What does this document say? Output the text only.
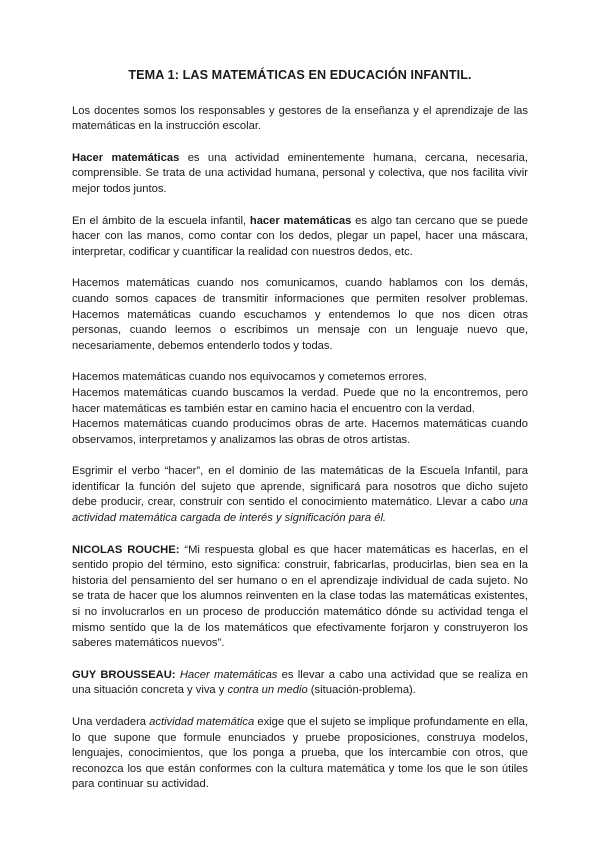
TEMA 1: LAS MATEMÁTICAS EN EDUCACIÓN INFANTIL.

Los docentes somos los responsables y gestores de la enseñanza y el aprendizaje de las matemáticas en la instrucción escolar.

Hacer matemáticas es una actividad eminentemente humana, cercana, necesaria, comprensible. Se trata de una actividad humana, personal y colectiva, que nos facilita vivir mejor todos juntos.

En el ámbito de la escuela infantil, hacer matemáticas es algo tan cercano que se puede hacer con las manos, como contar con los dedos, plegar un papel, hacer una máscara, interpretar, codificar y cuantificar la realidad con nuestros dedos, etc.

Hacemos matemáticas cuando nos comunicamos, cuando hablamos con los demás, cuando somos capaces de transmitir informaciones que permiten resolver problemas. Hacemos matemáticas cuando escuchamos y entendemos lo que nos dicen otras personas, cuando leemos o escribimos un mensaje con un lenguaje nuevo que, necesariamente, debemos entenderlo todos y todas.

Hacemos matemáticas cuando nos equivocamos y cometemos errores.

Hacemos matemáticas cuando buscamos la verdad. Puede que no la encontremos, pero hacer matemáticas es también estar en camino hacia el encuentro con la verdad.

Hacemos matemáticas cuando producimos obras de arte. Hacemos matemáticas cuando observamos, interpretamos y analizamos las obras de otros artistas.

Esgrimir el verbo “hacer”, en el dominio de las matemáticas de la Escuela Infantil, para identificar la función del sujeto que aprende, significará para nosotros que dicho sujeto debe producir, crear, construir con sentido el conocimiento matemático. Llevar a cabo una actividad matemática cargada de interés y significación para él.

NICOLAS ROUCHE: “Mi respuesta global es que hacer matemáticas es hacerlas, en el sentido propio del término, esto significa: construir, fabricarlas, producirlas, bien sea en la historia del pensamiento del ser humano o en el aprendizaje individual de cada sujeto. No se trata de hacer que los alumnos reinventen en la clase todas las matemáticas existentes, si no involucrarlos en un proceso de producción matemático dónde su actividad tenga el mismo sentido que la de los matemáticos que efectivamente forjaron y construyeron los saberes matemáticos nuevos”.

GUY BROUSSEAU: Hacer matemáticas es llevar a cabo una actividad que se realiza en una situación concreta y viva y contra un medio (situación-problema).

Una verdadera actividad matemática exige que el sujeto se implique profundamente en ella, lo que supone que formule enunciados y pruebe proposiciones, construya modelos, lenguajes, conocimientos, que los ponga a prueba, que los intercambie con otros, que reconozca los que están conformes con la cultura matemática y tome los que le son útiles para continuar su actividad.
